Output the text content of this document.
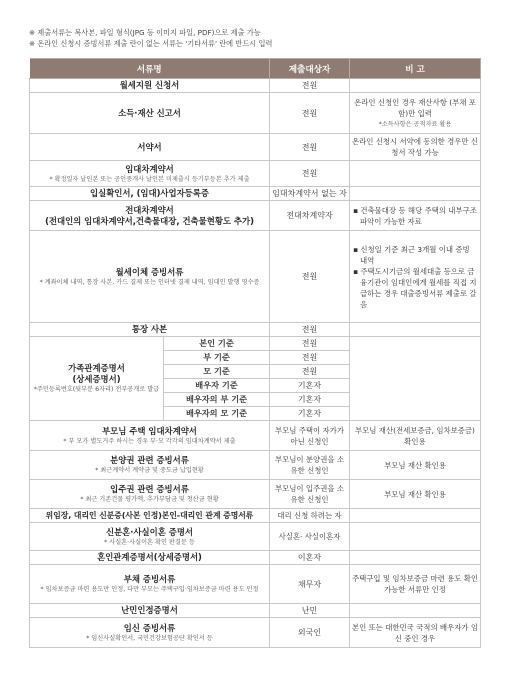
※ 제출서류는 복사본, 파일 형식(JPG 등 이미지 파일, PDF)으로 제출 가능
※ 온라인 신청시 증빙서류 제출 란이 없는 서류는 '기타서류' 란에 반드시 입력
서류명		제출대상자	비 고

월세지원 신청서		전원	

소득·재산 신고서		전원	온라인 신청인 경우 재산사항 (부채 포함)만 입력
*소득사항은 공적자료 활용

서약서		전원	온라인 신청시 서약에 동의한 경우만 신청서 작성 가능

임대차계약서
* 확정일자 날인본 또는 공인중개사 날인본 미제출시 등기부등본 추가 제출		전원	

입실확인서, (임대)사업자등록증		임대차계약서 없는 자	

전대차계약서
(전대인의 임대차계약서,건축물대장, 건축물현황도 추가)		전대차계약자	▪ 건축물대장 등 해당 주택의 내부구조 파악이 가능한 자료

월세이체 증빙서류
* 계좌이체 내역, 통장 사본, 카드 결제 또는 인터넷 결제 내역, 임대인 발행 영수증		전원	▪ 신청일 기준 최근 3개월 이내 증빙 내역
▪ 주택도시기금의 월세대출 등으로 금융기관이 임대인에게 월세를 직접 지급하는 경우 대출증빙서류 제출로 갈음

통장 사본		전원	

가족관계증명서
(상세증명서)
*주민등록번호(뒷부분 6자리) 전부공개로 발급	본인 기준	전원	
	부 기준	전원	
	모 기준	전원	
	배우자 기준	기혼자	
	배우자의 부 기준	기혼자	
	배우자의 모 기준	기혼자	

부모님 주택 임대차계약서
* 부 모가 별도거주 하시는 경우 부·모 각각의 임대차계약서 제출		부모님 주택이 자가가 아닌 신청인	부모님 재산(전세보증금, 임차보증금) 확인용

분양권 관련 증빙서류
* 최근계약서 계약금 및 중도금 납입현황		부모님이 분양권을 소유한 신청인	부모님 재산 확인용

입주권 관련 증빙서류
* 최근 기존건물 평가액, 추가부담금 및 청산금 현황		부모님이 입주권을 소유한 신청인	부모님 재산 확인용

위임장, 대리인 신분증(사본 인정)본인-대리인 관계 증명서류		대리 신청 하려는 자	

신분혼·사실이혼 증명서
* 사실혼·사실이혼 확인 판결문 등		사실혼· 사실이혼자	

혼인관계증명서(상세증명서)		이혼자	

부채 증빙서류
* 임차보증금 마련 용도만 인정, 다만 부모는 주택구입·임차보증금 마련 용도 인정		채무자	주택구입 및 임차보증금 마련 용도 확인 가능한 서류만 인정

난민인정증명서		난민	

임신 증빙서류
* 임신사실확인서, 국민건강보험공단 확인서 등		외국인	본인 또는 대한민국 국적의 배우자가 임신 중인 경우
